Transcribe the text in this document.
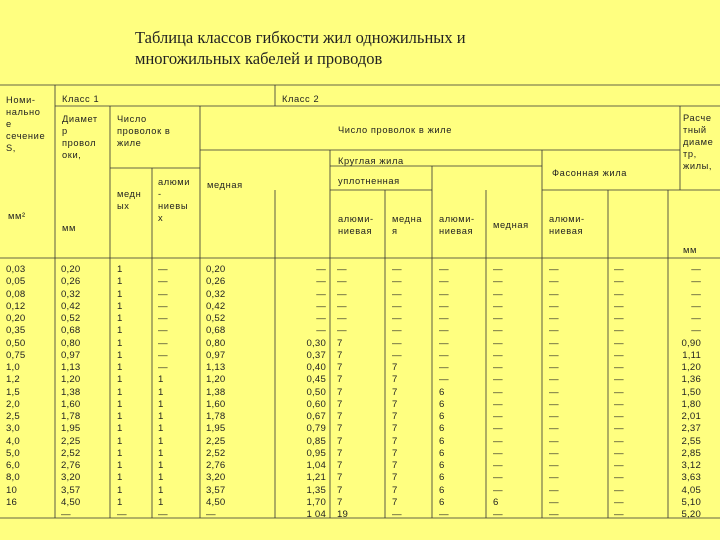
Таблица классов гибкости жил одножильных и
многожильных кабелей и проводов
Номи-
нально
е
сечение
S,
мм²
Класс 1	Класс 2
Диамет
р
провол
оки,
мм
Число
проволок в
жиле
медн
ых
алюми
-
ниевы
х
медная
Число проволок в жиле
Круглая жила
уплотненная
Фасонная жила
Расче
тный
диаме
тр,
жилы,
алюми-
ниевая
медна
я
алюми-
ниевая
медная
алюми-
ниевая
мм
0,03
0,05
0,08
0,12
0,20
0,35
0,50
0,75
1,0
1,2
1,5
2,0
2,5
3,0
4,0
5,0
6,0
8,0
10
16
0,20
0,26
0,32
0,42
0,52
0,68
0,80
0,97
1,13
1,20
1,38
1,60
1,78
1,95
2,25
2,52
2,76
3,20
3,57
4,50
—
1
1
1
1
1
1
1
1
1
1
1
1
1
1
1
1
1
1
1
1
—
—
—
—
—
—
—
—
—
—
1
1
1
1
1
1
1
1
1
1
1
—
0,20
0,26
0,32
0,42
0,52
0,68
0,80
0,97
1,13
1,20
1,38
1,60
1,78
1,95
2,25
2,52
2,76
3,20
3,57
4,50
—
—
—
—
—
—
—
0,30
0,37
0,40
0,45
0,50
0,60
0,67
0,79
0,85
0,95
1,04
1,21
1,35
1,70
1 04
—
—
—
—
—
—
7
7
7
7
7
7
7
7
7
7
7
7
7
7
19
—
—
—
—
—
—
—
—
7
7
7
7
7
7
7
7
7
7
7
7
—
—
—
—
—
—
—
—
—
—
—
6
6
6
6
6
6
6
6
6
6
—
—
—
—
—
—
—
—
—
—
—
—
—
—
—
—
—
—
—
—
6
—
—
—
—
—
—
—
—
—
—
—
—
—
—
—
—
—
—
—
—
—
—
—
—
—
—
—
—
—
—
—
—
—
—
—
—
—
—
—
—
—
—
—
—
—
—
—
—
—
0,90
1,11
1,20
1,36
1,50
1,80
2,01
2,37
2,55
2,85
3,12
3,63
4,05
5,10
5,20
